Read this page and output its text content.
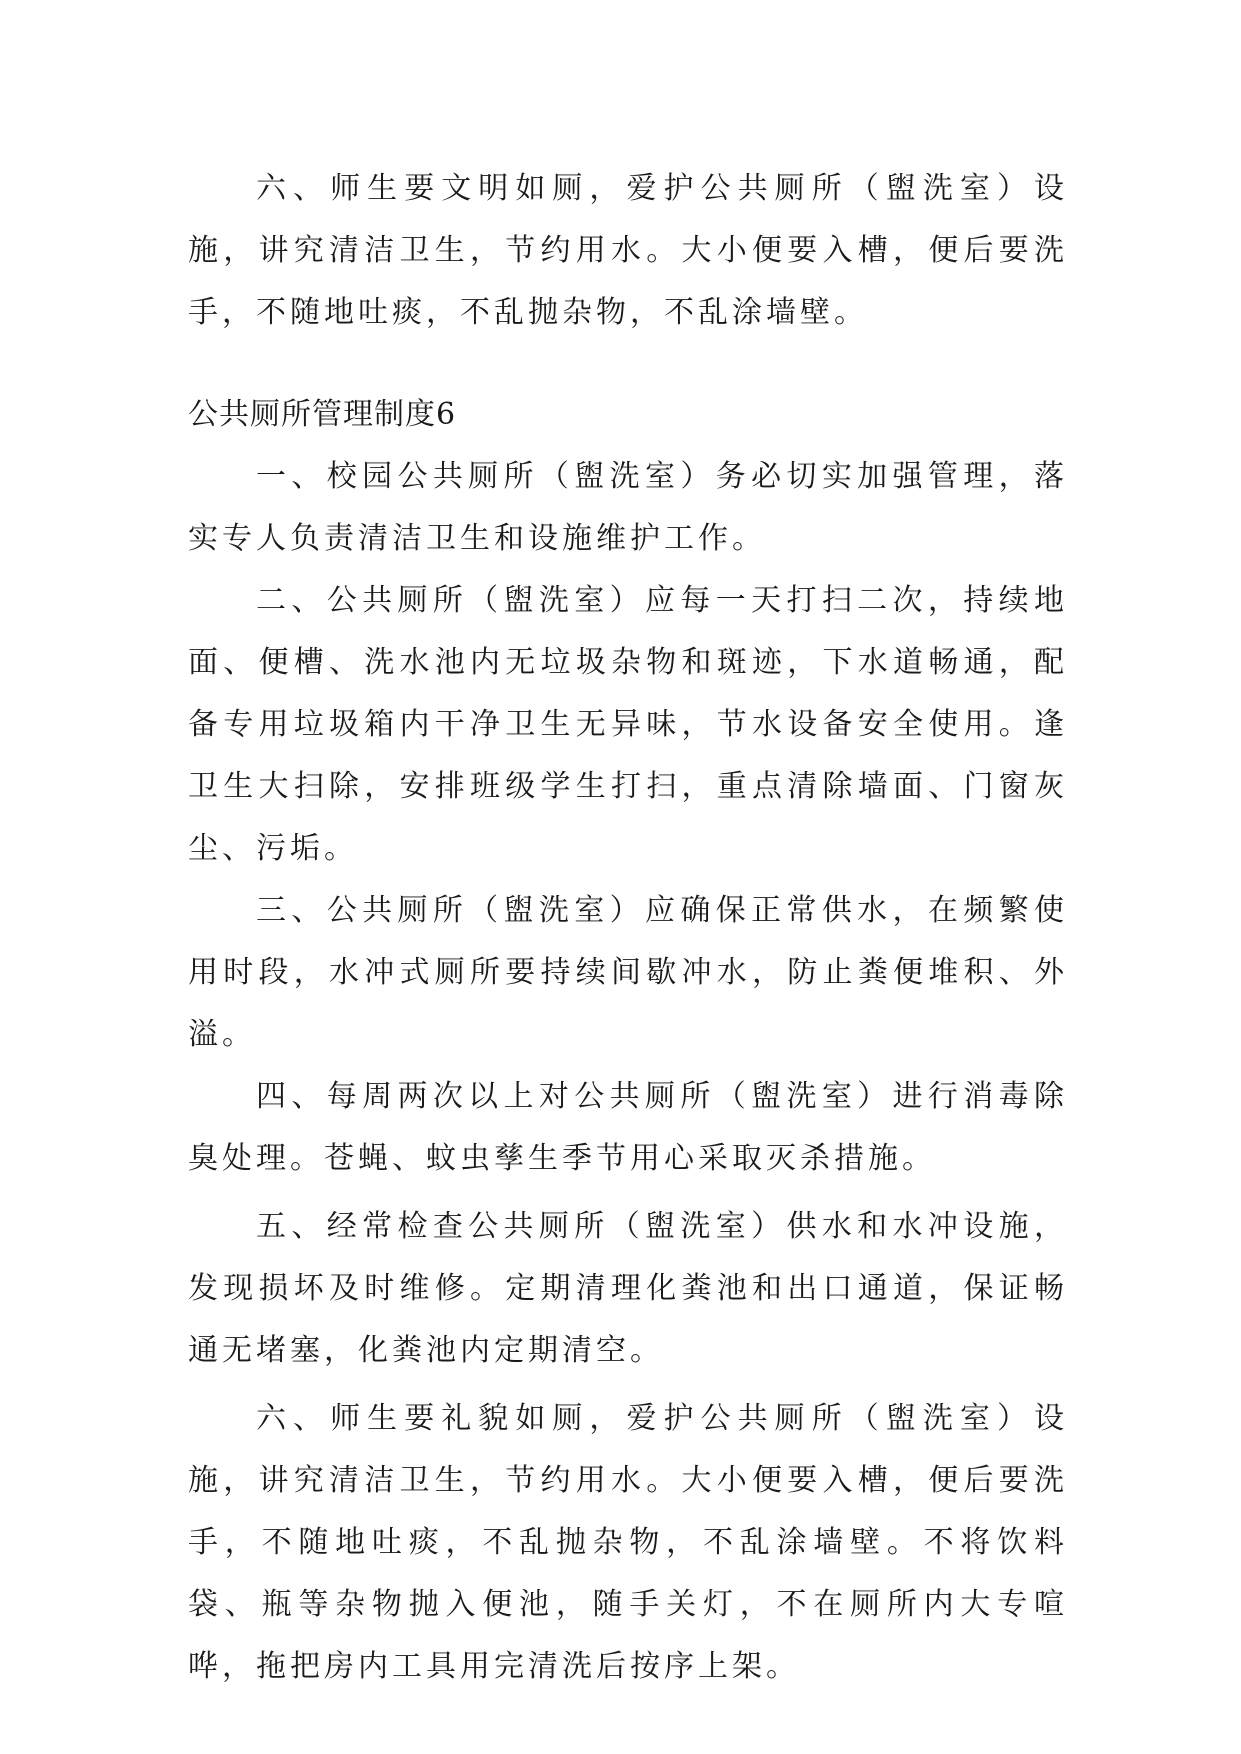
六、师生要文明如厕，爱护公共厕所（盥洗室）设施，讲究清洁卫生，节约用水。大小便要入槽，便后要洗手，不随地吐痰，不乱抛杂物，不乱涂墙壁。

公共厕所管理制度6

一、校园公共厕所（盥洗室）务必切实加强管理，落实专人负责清洁卫生和设施维护工作。

二、公共厕所（盥洗室）应每一天打扫二次，持续地面、便槽、洗水池内无垃圾杂物和斑迹，下水道畅通，配备专用垃圾箱内干净卫生无异味，节水设备安全使用。逢卫生大扫除，安排班级学生打扫，重点清除墙面、门窗灰尘、污垢。

三、公共厕所（盥洗室）应确保正常供水，在频繁使用时段，水冲式厕所要持续间歇冲水，防止粪便堆积、外溢。

四、每周两次以上对公共厕所（盥洗室）进行消毒除臭处理。苍蝇、蚊虫孳生季节用心采取灭杀措施。

五、经常检查公共厕所（盥洗室）供水和水冲设施，发现损坏及时维修。定期清理化粪池和出口通道，保证畅通无堵塞，化粪池内定期清空。

六、师生要礼貌如厕，爱护公共厕所（盥洗室）设施，讲究清洁卫生，节约用水。大小便要入槽，便后要洗手，不随地吐痰，不乱抛杂物，不乱涂墙壁。不将饮料袋、瓶等杂物抛入便池，随手关灯，不在厕所内大专喧哗，拖把房内工具用完清洗后按序上架。
